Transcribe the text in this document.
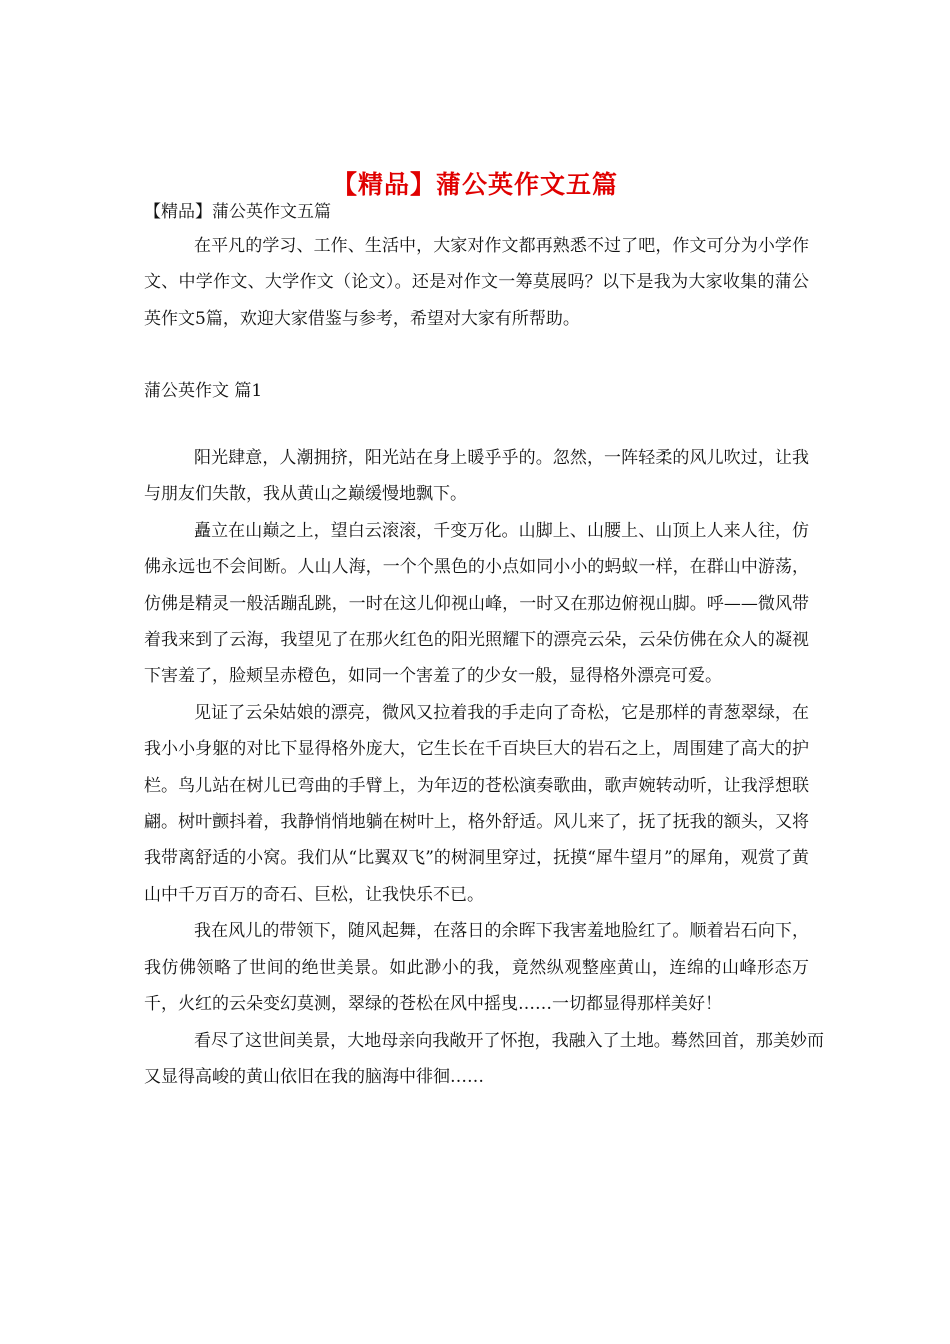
【精品】蒲公英作文五篇

【精品】蒲公英作文五篇

在平凡的学习、工作、生活中，大家对作文都再熟悉不过了吧，作文可分为小学作文、中学作文、大学作文（论文）。还是对作文一筹莫展吗？以下是我为大家收集的蒲公英作文5篇，欢迎大家借鉴与参考，希望对大家有所帮助。

蒲公英作文 篇1

阳光肆意，人潮拥挤，阳光站在身上暖乎乎的。忽然，一阵轻柔的风儿吹过，让我与朋友们失散，我从黄山之巅缓慢地飘下。

矗立在山巅之上，望白云滚滚，千变万化。山脚上、山腰上、山顶上人来人往，仿佛永远也不会间断。人山人海，一个个黑色的小点如同小小的蚂蚁一样，在群山中游荡，仿佛是精灵一般活蹦乱跳，一时在这儿仰视山峰，一时又在那边俯视山脚。呼——微风带着我来到了云海，我望见了在那火红色的阳光照耀下的漂亮云朵，云朵仿佛在众人的凝视下害羞了，脸颊呈赤橙色，如同一个害羞了的少女一般，显得格外漂亮可爱。

见证了云朵姑娘的漂亮，微风又拉着我的手走向了奇松，它是那样的青葱翠绿，在我小小身躯的对比下显得格外庞大，它生长在千百块巨大的岩石之上，周围建了高大的护栏。鸟儿站在树儿已弯曲的手臂上，为年迈的苍松演奏歌曲，歌声婉转动听，让我浮想联翩。树叶颤抖着，我静悄悄地躺在树叶上，格外舒适。风儿来了，抚了抚我的额头，又将我带离舒适的小窝。我们从“比翼双飞”的树洞里穿过，抚摸“犀牛望月”的犀角，观赏了黄山中千万百万的奇石、巨松，让我快乐不已。

我在风儿的带领下，随风起舞，在落日的余晖下我害羞地脸红了。顺着岩石向下，我仿佛领略了世间的绝世美景。如此渺小的我，竟然纵观整座黄山，连绵的山峰形态万千，火红的云朵变幻莫测，翠绿的苍松在风中摇曳……一切都显得那样美好！

看尽了这世间美景，大地母亲向我敞开了怀抱，我融入了土地。蓦然回首，那美妙而又显得高峻的黄山依旧在我的脑海中徘徊……
